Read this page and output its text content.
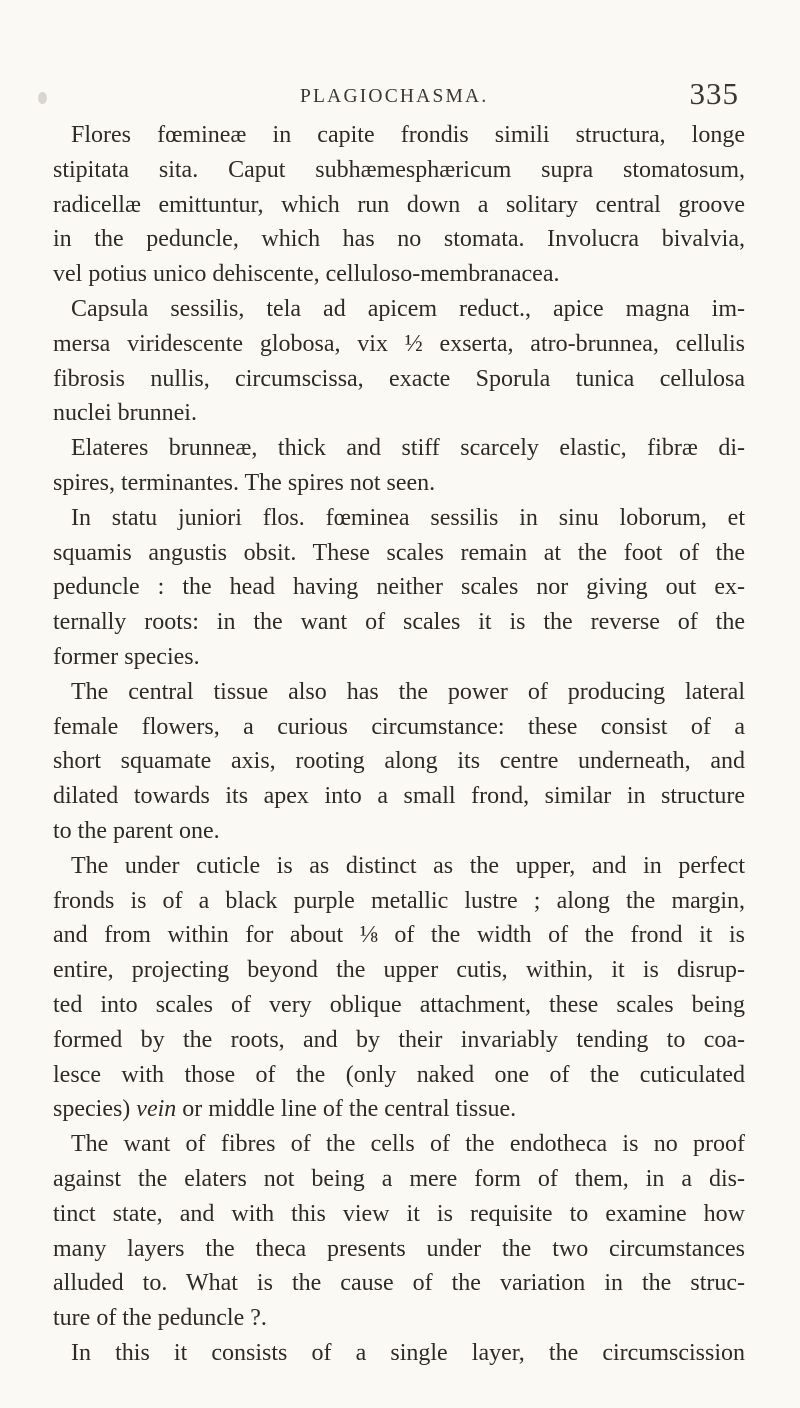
PLAGIOCHASMA.	335
Flores fœmineæ in capite frondis simili structura, longe
stipitata sita. Caput subhæmesphæricum supra stomatosum,
radicellæ emittuntur, which run down a solitary central groove
in the peduncle, which has no stomata. Involucra bivalvia,
vel potius unico dehiscente, celluloso-membranacea.
Capsula sessilis, tela ad apicem reduct., apice magna im-
mersa viridescente globosa, vix ½ exserta, atro-brunnea, cellulis
fibrosis nullis, circumscissa, exacte Sporula tunica cellulosa
nuclei brunnei.
Elateres brunneæ, thick and stiff scarcely elastic, fibræ di-
spires, terminantes. The spires not seen.
In statu juniori flos. fœminea sessilis in sinu loborum, et
squamis angustis obsit. These scales remain at the foot of the
peduncle : the head having neither scales nor giving out ex-
ternally roots: in the want of scales it is the reverse of the
former species.
The central tissue also has the power of producing lateral
female flowers, a curious circumstance: these consist of a
short squamate axis, rooting along its centre underneath, and
dilated towards its apex into a small frond, similar in structure
to the parent one.
The under cuticle is as distinct as the upper, and in perfect
fronds is of a black purple metallic lustre ; along the margin,
and from within for about ⅛ of the width of the frond it is
entire, projecting beyond the upper cutis, within, it is disrup-
ted into scales of very oblique attachment, these scales being
formed by the roots, and by their invariably tending to coa-
lesce with those of the (only naked one of the cuticulated
species) vein or middle line of the central tissue.
The want of fibres of the cells of the endotheca is no proof
against the elaters not being a mere form of them, in a dis-
tinct state, and with this view it is requisite to examine how
many layers the theca presents under the two circumstances
alluded to. What is the cause of the variation in the struc-
ture of the peduncle ?.
In this it consists of a single layer, the circumscission
